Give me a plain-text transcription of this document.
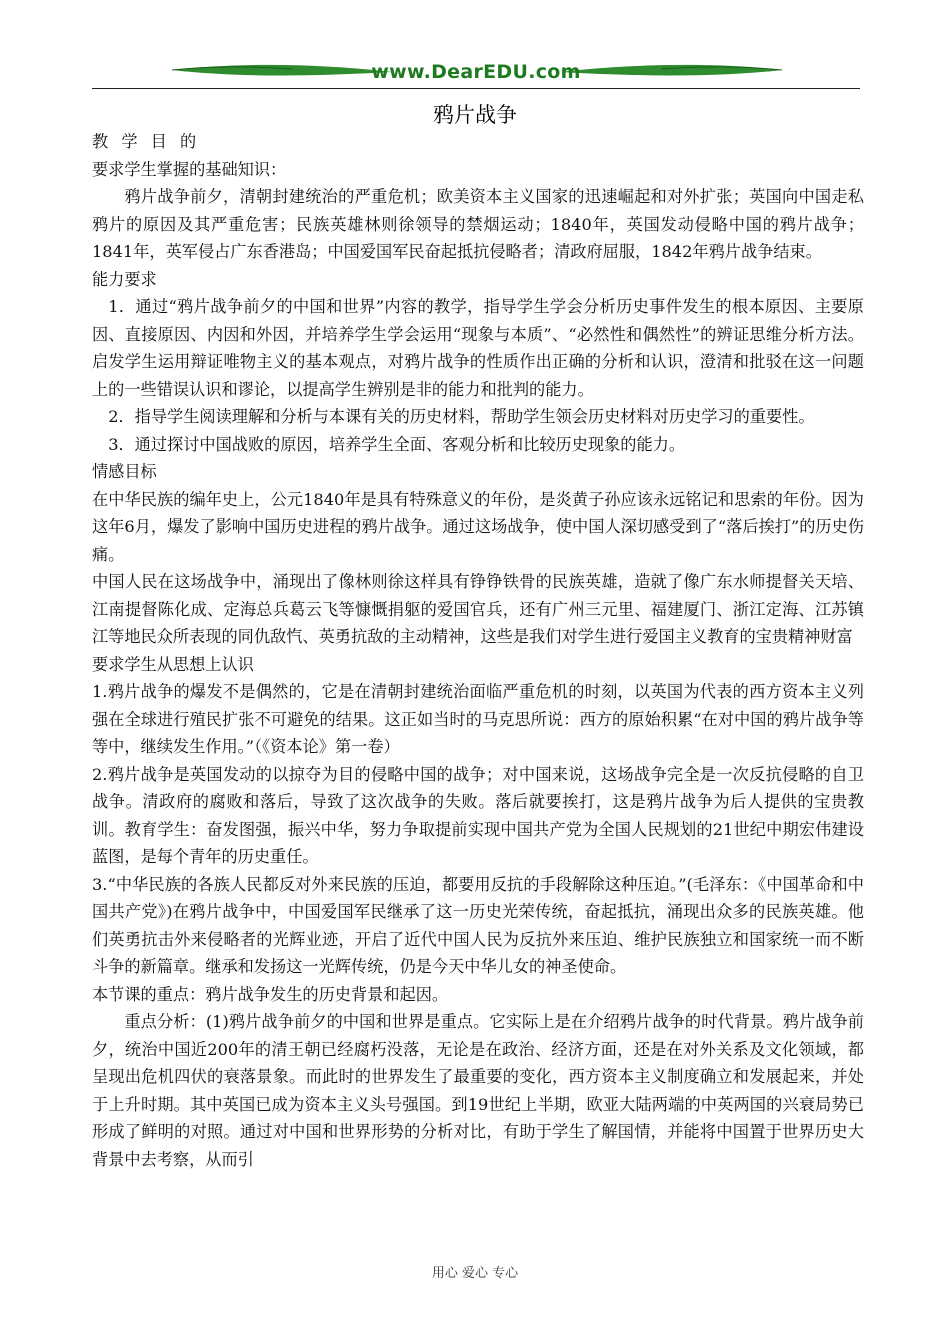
www.DearEDU.com
鸦片战争

教 学 目 的

要求学生掌握的基础知识：

鸦片战争前夕，清朝封建统治的严重危机；欧美资本主义国家的迅速崛起和对外扩张；英国向中国走私鸦片的原因及其严重危害；民族英雄林则徐领导的禁烟运动；1840年，英国发动侵略中国的鸦片战争；1841年，英军侵占广东香港岛；中国爱国军民奋起抵抗侵略者；清政府屈服，1842年鸦片战争结束。

能力要求

1．通过“鸦片战争前夕的中国和世界”内容的教学，指导学生学会分析历史事件发生的根本原因、主要原因、直接原因、内因和外因，并培养学生学会运用“现象与本质”、“必然性和偶然性”的辨证思维分析方法。启发学生运用辩证唯物主义的基本观点，对鸦片战争的性质作出正确的分析和认识，澄清和批驳在这一问题上的一些错误认识和谬论，以提高学生辨别是非的能力和批判的能力。

2．指导学生阅读理解和分析与本课有关的历史材料，帮助学生领会历史材料对历史学习的重要性。

3．通过探讨中国战败的原因，培养学生全面、客观分析和比较历史现象的能力。

情感目标

在中华民族的编年史上，公元1840年是具有特殊意义的年份，是炎黄子孙应该永远铭记和思索的年份。因为这年6月，爆发了影响中国历史进程的鸦片战争。通过这场战争，使中国人深切感受到了“落后挨打”的历史伤痛。

中国人民在这场战争中，涌现出了像林则徐这样具有铮铮铁骨的民族英雄，造就了像广东水师提督关天培、江南提督陈化成、定海总兵葛云飞等慷慨捐躯的爱国官兵，还有广州三元里、福建厦门、浙江定海、江苏镇江等地民众所表现的同仇敌忾、英勇抗敌的主动精神，这些是我们对学生进行爱国主义教育的宝贵精神财富

要求学生从思想上认识

1.鸦片战争的爆发不是偶然的，它是在清朝封建统治面临严重危机的时刻，以英国为代表的西方资本主义列强在全球进行殖民扩张不可避免的结果。这正如当时的马克思所说：西方的原始积累“在对中国的鸦片战争等等中，继续发生作用。”（《资本论》第一卷）

2.鸦片战争是英国发动的以掠夺为目的侵略中国的战争；对中国来说，这场战争完全是一次反抗侵略的自卫战争。清政府的腐败和落后，导致了这次战争的失败。落后就要挨打，这是鸦片战争为后人提供的宝贵教训。教育学生：奋发图强，振兴中华，努力争取提前实现中国共产党为全国人民规划的21世纪中期宏伟建设蓝图，是每个青年的历史重任。

3.“中华民族的各族人民都反对外来民族的压迫，都要用反抗的手段解除这种压迫。”(毛泽东：《中国革命和中国共产党》)在鸦片战争中，中国爱国军民继承了这一历史光荣传统，奋起抵抗，涌现出众多的民族英雄。他们英勇抗击外来侵略者的光辉业迹，开启了近代中国人民为反抗外来压迫、维护民族独立和国家统一而不断斗争的新篇章。继承和发扬这一光辉传统，仍是今天中华儿女的神圣使命。

本节课的重点：鸦片战争发生的历史背景和起因。

重点分析：(1)鸦片战争前夕的中国和世界是重点。它实际上是在介绍鸦片战争的时代背景。鸦片战争前夕，统治中国近200年的清王朝已经腐朽没落，无论是在政治、经济方面，还是在对外关系及文化领域，都呈现出危机四伏的衰落景象。而此时的世界发生了最重要的变化，西方资本主义制度确立和发展起来，并处于上升时期。其中英国已成为资本主义头号强国。到19世纪上半期，欧亚大陆两端的中英两国的兴衰局势已形成了鲜明的对照。通过对中国和世界形势的分析对比，有助于学生了解国情，并能将中国置于世界历史大背景中去考察，从而引

用心 爱心 专心
